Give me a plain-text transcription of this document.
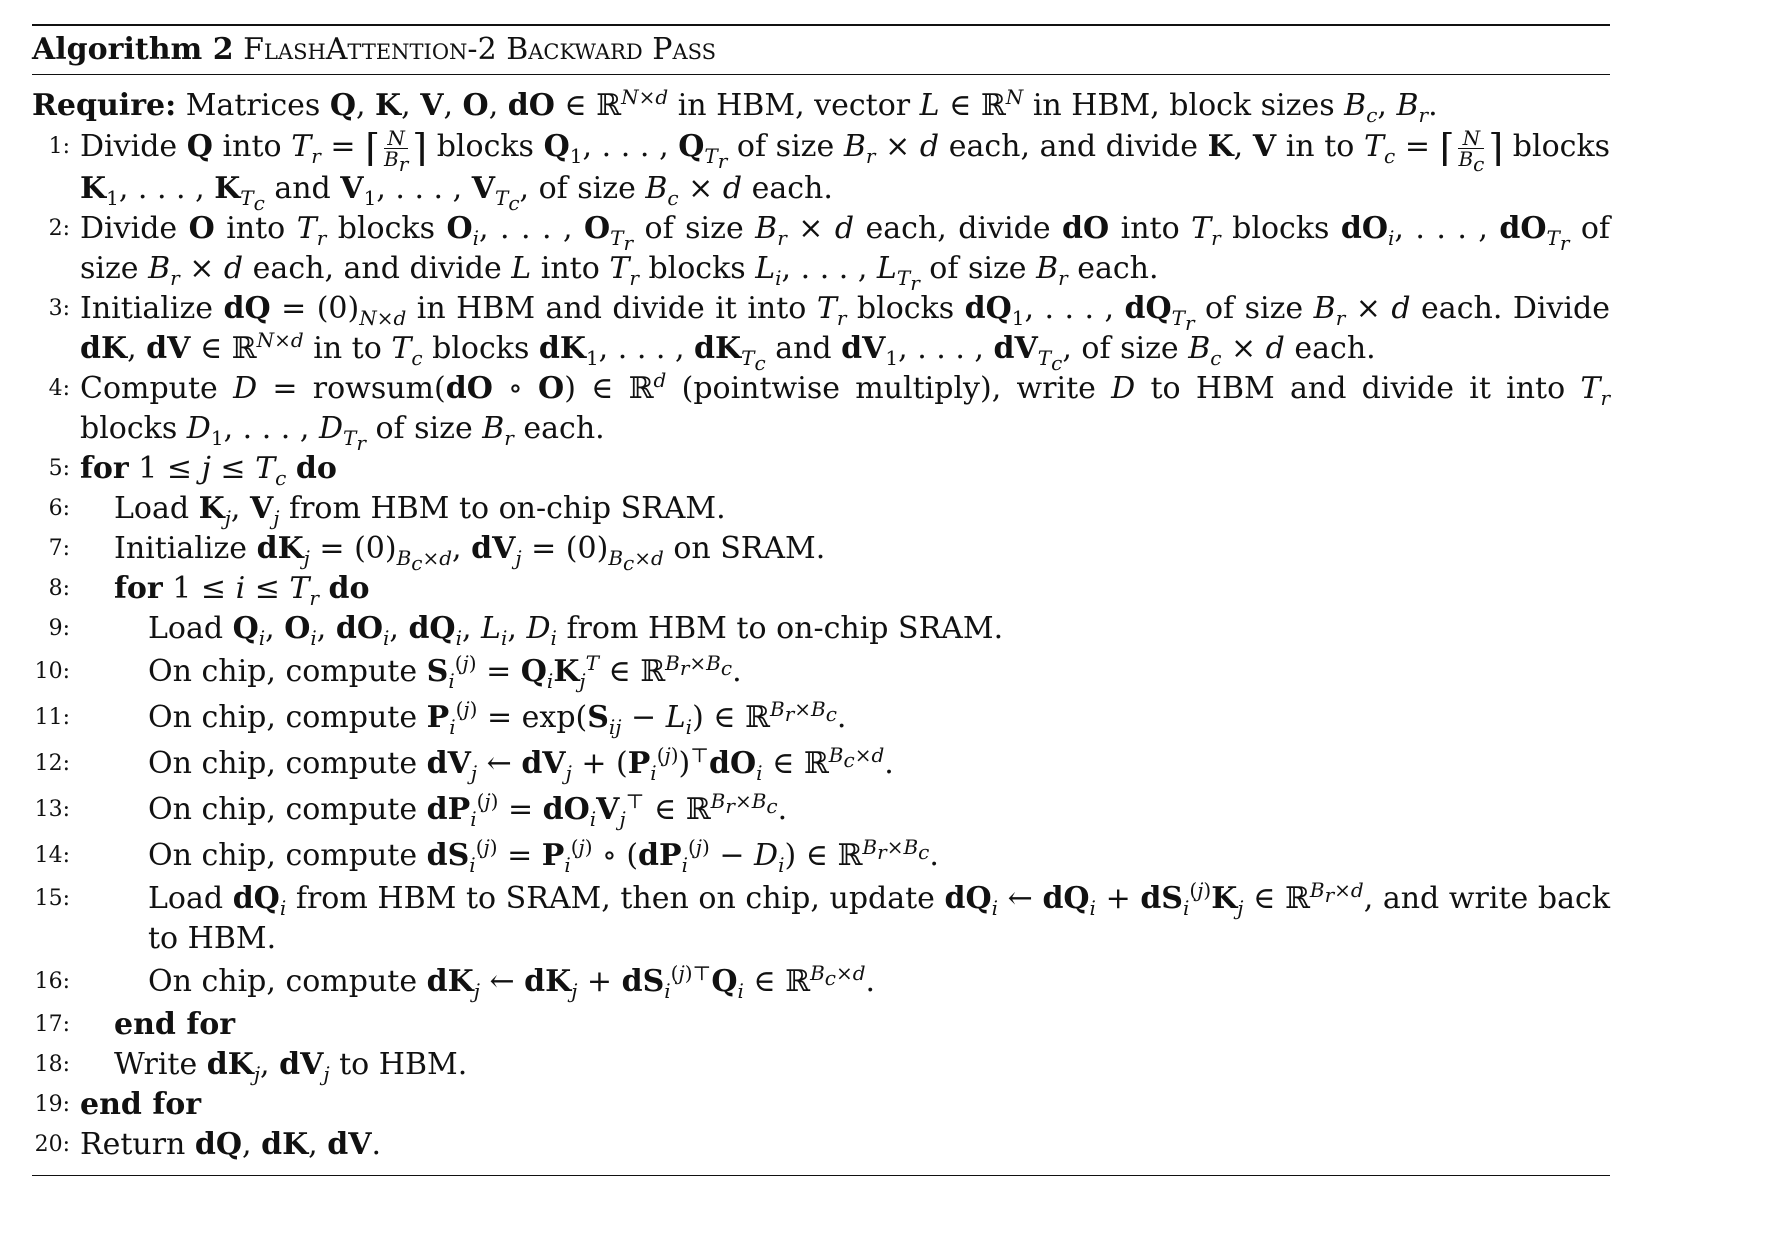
Algorithm 2 FlashAttention-2 Backward Pass
Require: Matrices Q, K, V, O, dO ∈ ℝ$^{N\times d}$ in HBM, vector L ∈ ℝ$^N$ in HBM, block sizes $B_c$, $B_r$.
1: Divide Q into $T_r$ = ⌈ $\frac{N}{B_r}$ ⌉ blocks $Q_1$, . . . , $Q_{T_r}$ of size $B_r \times d$ each, and divide K, V in to $T_c$ = ⌈ $\frac{N}{B_c}$ ⌉ blocks $K_1$, . . . , $K_{T_c}$ and $V_1$, . . . , $V_{T_c}$, of size $B_c \times d$ each.
2: Divide O into $T_r$ blocks $O_i$, . . . , $O_{T_r}$ of size $B_r \times d$ each, divide dO into $T_r$ blocks $dO_i$, . . . , $dO_{T_r}$ of size $B_r \times d$ each, and divide L into $T_r$ blocks $L_i$, . . . , $L_{T_r}$ of size $B_r$ each.
3: Initialize dQ = $(0)_{N\times d}$ in HBM and divide it into $T_r$ blocks $dQ_1$, . . . , $dQ_{T_r}$ of size $B_r \times d$ each. Divide dK, dV ∈ ℝ$^{N\times d}$ in to $T_c$ blocks $dK_1$, . . . , $dK_{T_c}$ and $dV_1$, . . . , $dV_{T_c}$, of size $B_c \times d$ each.
4: Compute D = rowsum(dO ∘ O) ∈ ℝ$^d$ (pointwise multiply), write D to HBM and divide it into $T_r$ blocks $D_1$, . . . , $D_{T_r}$ of size $B_r$ each.
5: for $1 \le j \le T_c$ do
6:	Load $K_j$, $V_j$ from HBM to on-chip SRAM.
7:	Initialize $dK_j = (0)_{B_c\times d}$, $dV_j = (0)_{B_c\times d}$ on SRAM.
8:	for $1 \le i \le T_r$ do
9:	Load $Q_i$, $O_i$, $dO_i$, $dQ_i$, $L_i$, $D_i$ from HBM to on-chip SRAM.
10:	On chip, compute $S_i^{(j)} = Q_iK_j^T$ ∈ ℝ$^{B_r\times B_c}$.
11:	On chip, compute $P_i^{(j)} = \exp(S_{ij} - L_i)$ ∈ ℝ$^{B_r\times B_c}$.
12:	On chip, compute $dV_j$ ← $dV_j + (P_i^{(j)})^⊤dO_i$ ∈ ℝ$^{B_c\times d}$.
13:	On chip, compute $dP_i^{(j)} = dO_iV_j^⊤$ ∈ ℝ$^{B_r\times B_c}$.
14:	On chip, compute $dS_i^{(j)} = P_i^{(j)}$ ∘ $(dP_i^{(j)} - D_i)$ ∈ ℝ$^{B_r\times B_c}$.
15:	Load $dQ_i$ from HBM to SRAM, then on chip, update $dQ_i$ ← $dQ_i + dS_i^{(j)}K_j$ ∈ ℝ$^{B_r\times d}$, and write back to HBM.
16:	On chip, compute $dK_j$ ← $dK_j + dS_i^{(j)⊤}Q_i$ ∈ ℝ$^{B_c\times d}$.
17:	end for
18:	Write $dK_j$, $dV_j$ to HBM.
19: end for
20: Return dQ, dK, dV.
